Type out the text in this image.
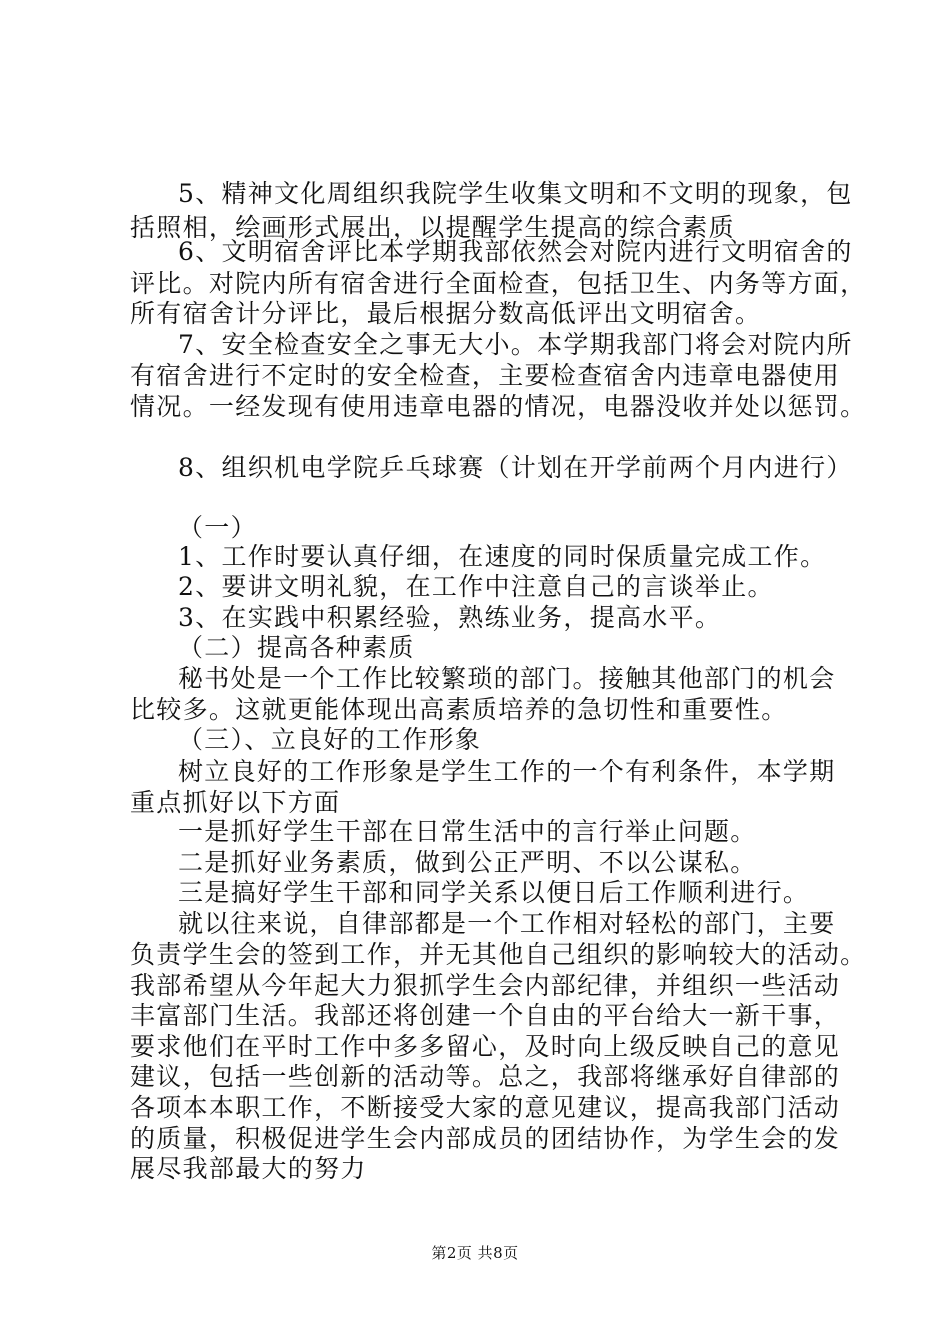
5、精神文化周组织我院学生收集文明和不文明的现象，包
括照相，绘画形式展出，以提醒学生提高的综合素质
6、文明宿舍评比本学期我部依然会对院内进行文明宿舍的
评比。对院内所有宿舍进行全面检查，包括卫生、内务等方面，
所有宿舍计分评比，最后根据分数高低评出文明宿舍。
7、安全检查安全之事无大小。本学期我部门将会对院内所
有宿舍进行不定时的安全检查，主要检查宿舍内违章电器使用
情况。一经发现有使用违章电器的情况，电器没收并处以惩罚。
8、组织机电学院乒乓球赛（计划在开学前两个月内进行）
（一）
1、工作时要认真仔细，在速度的同时保质量完成工作。
2、要讲文明礼貌，在工作中注意自己的言谈举止。
3、在实践中积累经验，熟练业务，提高水平。
（二）提高各种素质
秘书处是一个工作比较繁琐的部门。接触其他部门的机会
比较多。这就更能体现出高素质培养的急切性和重要性。
（三）、立良好的工作形象
树立良好的工作形象是学生工作的一个有利条件，本学期
重点抓好以下方面
一是抓好学生干部在日常生活中的言行举止问题。
二是抓好业务素质，做到公正严明、不以公谋私。
三是搞好学生干部和同学关系以便日后工作顺利进行。
就以往来说，自律部都是一个工作相对轻松的部门，主要
负责学生会的签到工作，并无其他自己组织的影响较大的活动。
我部希望从今年起大力狠抓学生会内部纪律，并组织一些活动
丰富部门生活。我部还将创建一个自由的平台给大一新干事，
要求他们在平时工作中多多留心，及时向上级反映自己的意见
建议，包括一些创新的活动等。总之，我部将继承好自律部的
各项本本职工作，不断接受大家的意见建议，提高我部门活动
的质量，积极促进学生会内部成员的团结协作，为学生会的发
展尽我部最大的努力
第2页 共8页
